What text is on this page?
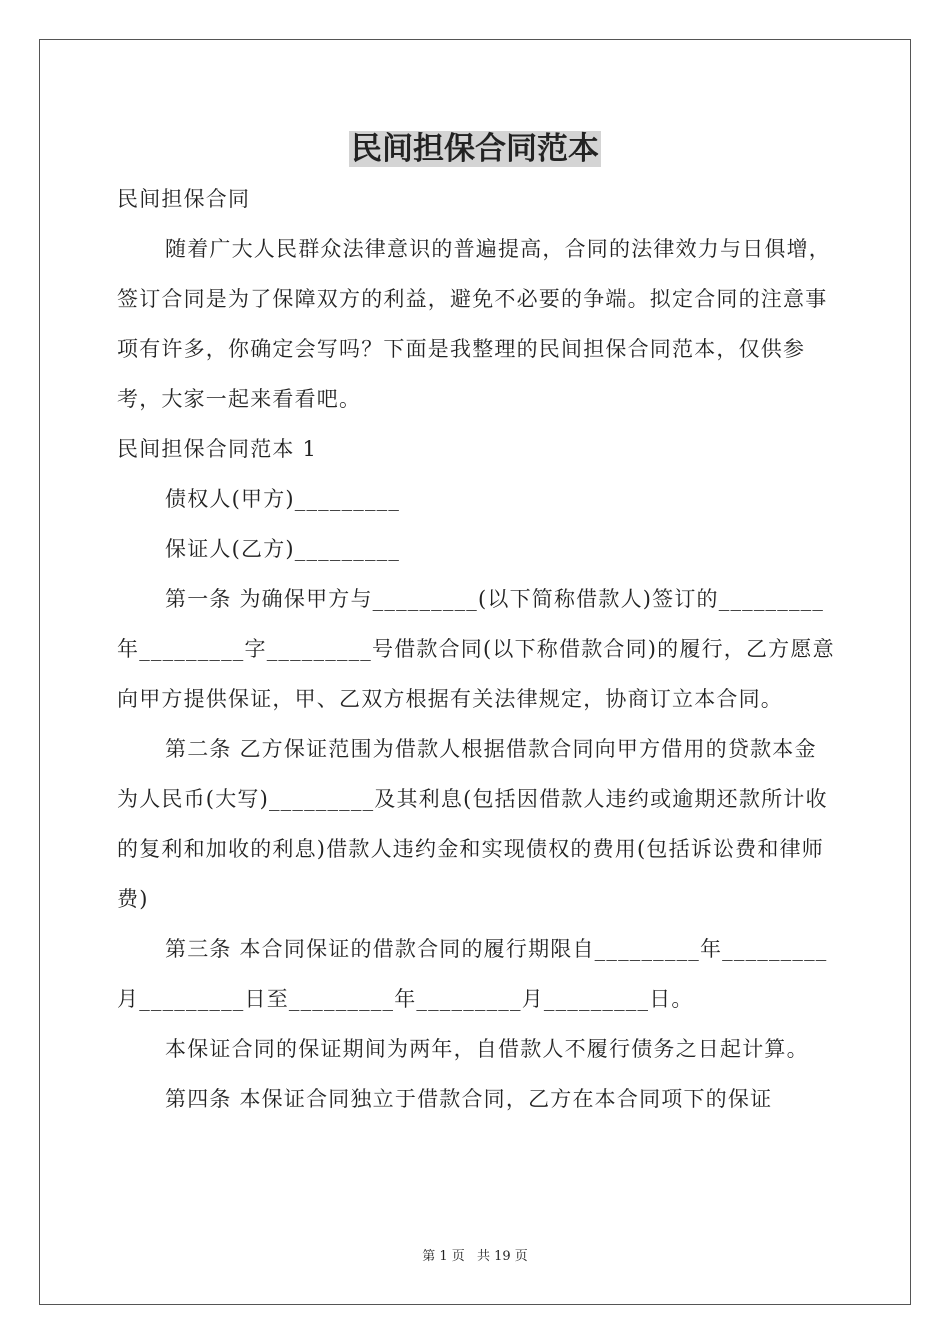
民间担保合同范本

民间担保合同

随着广大人民群众法律意识的普遍提高，合同的法律效力与日俱增，签订合同是为了保障双方的利益，避免不必要的争端。拟定合同的注意事项有许多，你确定会写吗？下面是我整理的民间担保合同范本，仅供参考，大家一起来看看吧。

民间担保合同范本 1

债权人(甲方)_________

保证人(乙方)_________

第一条 为确保甲方与_________(以下简称借款人)签订的_________年_________字_________号借款合同(以下称借款合同)的履行，乙方愿意向甲方提供保证，甲、乙双方根据有关法律规定，协商订立本合同。

第二条 乙方保证范围为借款人根据借款合同向甲方借用的贷款本金为人民币(大写)_________及其利息(包括因借款人违约或逾期还款所计收的复利和加收的利息)借款人违约金和实现债权的费用(包括诉讼费和律师费)

第三条 本合同保证的借款合同的履行期限自_________年_________月_________日至_________年_________月_________日。

本保证合同的保证期间为两年，自借款人不履行债务之日起计算。

第四条 本保证合同独立于借款合同，乙方在本合同项下的保证

第 1 页 共 19 页
